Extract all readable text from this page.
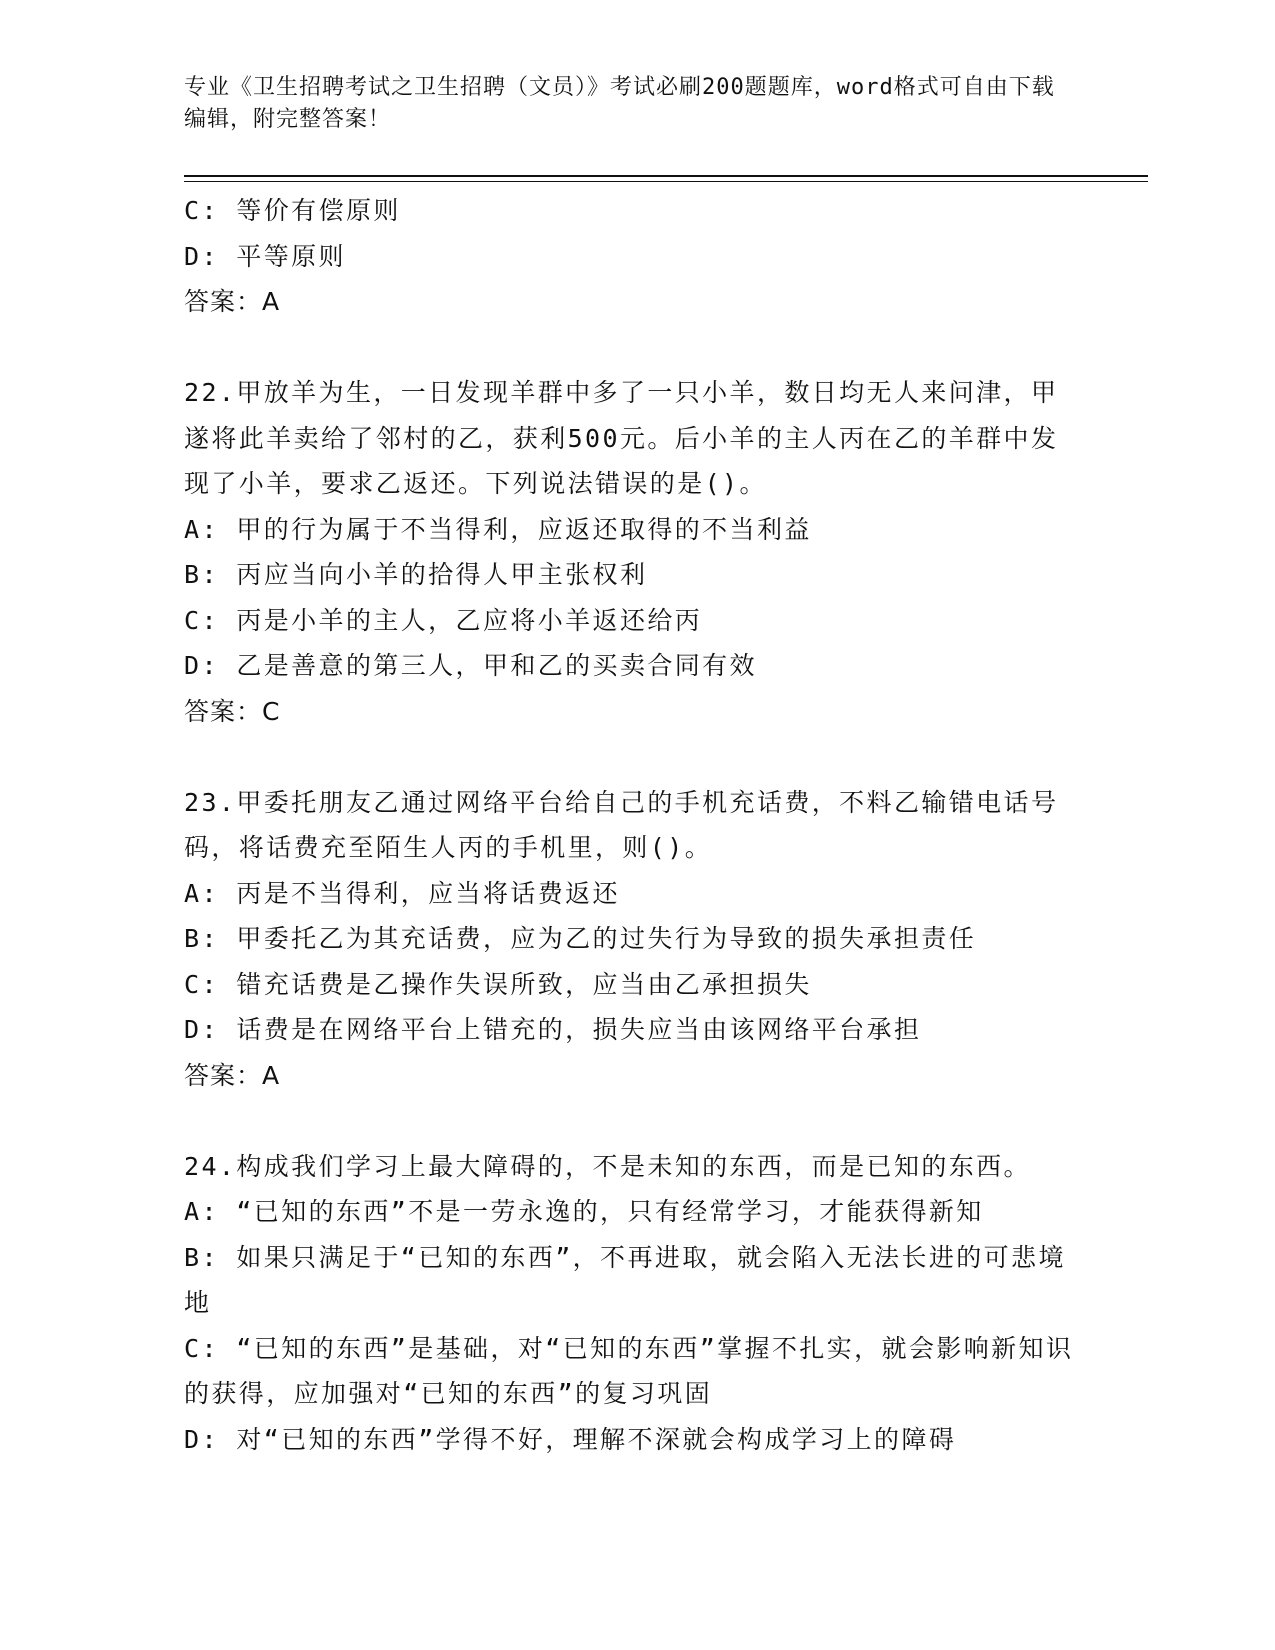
专业《卫生招聘考试之卫生招聘（文员）》考试必刷200题题库，word格式可自由下载编辑，附完整答案！

C: 等价有偿原则

D: 平等原则

答案：A

22.甲放羊为生，一日发现羊群中多了一只小羊，数日均无人来问津，甲遂将此羊卖给了邻村的乙，获利500元。后小羊的主人丙在乙的羊群中发现了小羊，要求乙返还。下列说法错误的是()。

A: 甲的行为属于不当得利，应返还取得的不当利益

B: 丙应当向小羊的拾得人甲主张权利

C: 丙是小羊的主人，乙应将小羊返还给丙

D: 乙是善意的第三人，甲和乙的买卖合同有效

答案：C

23.甲委托朋友乙通过网络平台给自己的手机充话费，不料乙输错电话号码，将话费充至陌生人丙的手机里，则()。

A: 丙是不当得利，应当将话费返还

B: 甲委托乙为其充话费，应为乙的过失行为导致的损失承担责任

C: 错充话费是乙操作失误所致，应当由乙承担损失

D: 话费是在网络平台上错充的，损失应当由该网络平台承担

答案：A

24.构成我们学习上最大障碍的，不是未知的东西，而是已知的东西。

A: “已知的东西”不是一劳永逸的，只有经常学习，才能获得新知

B: 如果只满足于“已知的东西”，不再进取，就会陷入无法长进的可悲境地

C: “已知的东西”是基础，对“已知的东西”掌握不扎实，就会影响新知识的获得，应加强对“已知的东西”的复习巩固

D: 对“已知的东西”学得不好，理解不深就会构成学习上的障碍
